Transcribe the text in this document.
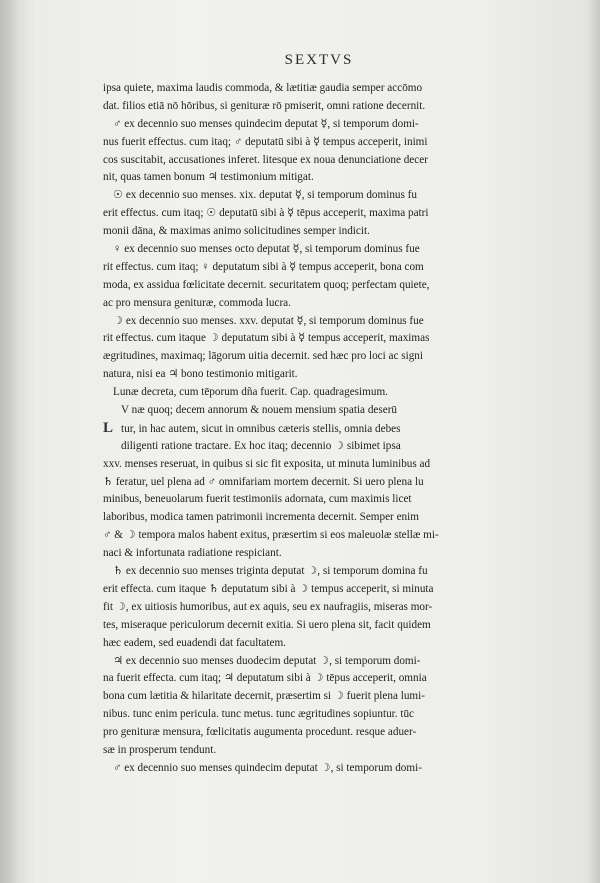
SEXTVS
ipsa quiete, maxima laudis commoda, & lætitiæ gaudia semper accōmo
dat. filios etiā nō hōribus, si genituræ rō pmiserit, omni ratione decernit.
♂ ex decennio suo menses quindecim deputat ☿, si temporum domi-
nus fuerit effectus. cum itaq; ♂ deputatū sibi à ☿ tempus acceperit, inimi
cos suscitabit, accusationes inferet. litesque ex noua denunciatione decer
nit, quas tamen bonum ♃ testimonium mitigat.
☉ ex decennio suo menses. xix. deputat ☿, si temporum dominus fu
erit effectus. cum itaq; ☉ deputatū sibi à ☿ tēpus acceperit, maxima patri
monii dāna, & maximas animo solicitudines semper indicit.
♀ ex decennio suo menses octo deputat ☿, si temporum dominus fue
rit effectus. cum itaq; ♀ deputatum sibi à ☿ tempus acceperit, bona com
moda, ex assidua fœlicitate decernit. securitatem quoq; perfectam quiete,
ac pro mensura genituræ, commoda lucra.
☽ ex decennio suo menses. xxv. deputat ☿, si temporum dominus fue
rit effectus. cum itaque ☽ deputatum sibi à ☿ tempus acceperit, maximas
ægritudines, maximaq; lāgorum uitia decernit. sed hæc pro loci ac signi
natura, nisi ea ♃ bono testimonio mitigarit.
Lunæ decreta, cum tēporum dña fuerit. Cap. quadragesimum.
V næ quoq; decem annorum & nouem mensium spatia deserū
L tur, in hac autem, sicut in omnibus cæteris stellis, omnia debes
diligenti ratione tractare. Ex hoc itaq; decennio ☽ sibimet ipsa
xxv. menses reseruat, in quibus si sic fit exposita, ut minuta luminibus ad
♄ feratur, uel plena ad ♂ omnifariam mortem decernit. Si uero plena lu
minibus, beneuolarum fuerit testimoniis adornata, cum maximis licet
laboribus, modica tamen patrimonii incrementa decernit. Semper enim
♂ & ☽ tempora malos habent exitus, præsertim si eos maleuolæ stellæ mi-
naci & infortunata radiatione respiciant.
♄ ex decennio suo menses triginta deputat ☽, si temporum domina fu
erit effecta. cum itaque ♄ deputatum sibi à ☽ tempus acceperit, si minuta
fit ☽, ex uitiosis humoribus, aut ex aquis, seu ex naufragiis, miseras mor-
tes, miseraque periculorum decernit exitia. Si uero plena sit, facit quidem
hæc eadem, sed euadendi dat facultatem.
♃ ex decennio suo menses duodecim deputat ☽, si temporum domi-
na fuerit effecta. cum itaq; ♃ deputatum sibi à ☽ tēpus acceperit, omnia
bona cum lætitia & hilaritate decernit, præsertim si ☽ fuerit plena lumi-
nibus. tunc enim pericula. tunc metus. tunc ægritudines sopiuntur. tūc
pro genituræ mensura, fœlicitatis augumenta procedunt. resque aduer-
sæ in prosperum tendunt.
♂ ex decennio suo menses quindecim deputat ☽, si temporum domi-
